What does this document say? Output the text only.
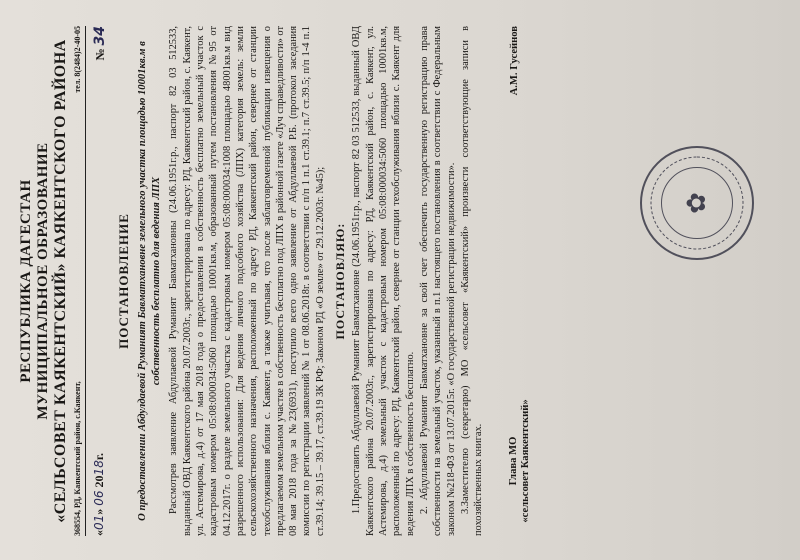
РЕСПУБЛИКА ДАГЕСТАН МУНИЦИПАЛЬНОЕ ОБРАЗОВАНИЕ «СЕЛЬСОВЕТ КАЯКЕНТСКИЙ» КАЯКЕНТСКОГО РАЙОНА 368554, РД, Каякентский район, с.Каякент,
тел. 8(2484)2-40-05
«01» 06 2018г.
№ 34
ПОСТАНОВЛЕНИЕ О предоставлении Абдулдаевой Руманият Бавматхановне земельного участка площадью 10001кв.м в собственность бесплатно для ведения ЛПХ Рассмотрев заявление Абдуллаевой Руманият Бавматхановны (24.06.1951г.р., паспорт 82 03 512533, выданный ОВД Каякентского района 20.07.2003г., зарегистрирована по адресу: РД, Каякентский район, с. Каякент, ул. Астемирова, д.4) от 17 мая 2018 года о предоставлении в собственность бесплатно земельный участок с кадастровым номером 05:08:000034:5060 площадью 10001кв.м, образованный путем постановления №95 от 04.12.2017г. о разделе земельного участка с кадастровым номером 05:08:000034:1008 площадью 48001кв.м вид разрешенного использования: Для ведения личного подсобного хозяйства (ЛПХ) категория земель: земли сельскохозяйственного назначения, расположенный по адресу РД, Каякентский район, севернее от станции техобслуживания вблизи с. Каякент, а также учитывая, что после заблаговременной публикации извещения о предлагаемом земельном участке в собственность бесплатно под ЛПХ в районной газете «Луч справедливости» от 08 мая 2018 года за №23(6931), поступило всего одно заявление от Абдуллаевой Р.Б. (протокол заседания комиссии по регистрации заявлений № 1 от 08.06.2018г. в соответствии с п/п 1 п.1 ст.39.1; п.7 ст.39.5; п/п 1-4 п.1 ст.39.14; 39.15 – 39.17, ст.39.19 ЗК РФ; Законом РД «О земле» от 29.12.2003г. №45); ПОСТАНОВЛЯЮ: 1.Предоставить Абдуллаевой Руманият Бавматхановне (24.06.1951г.р., паспорт 82 03 512533, выданный ОВД Каякентского района 20.07.2003г., зарегистрирована по адресу: РД, Каякентский район, с. Каякент, ул. Астемирова, д.4) земельный участок с кадастровым номером 05:08:000034:5060 площадью 10001кв.м, расположенный по адресу: РД, Каякентский район, севернее от станции техобслуживания вблизи с. Каякент для ведения ЛПХ в собственность бесплатно. 2. Абдуллаевой Руманият Бавматхановне за свой счет обеспечить государственную регистрацию права собственности на земельный участок, указанный в п.1 настоящего постановления в соответствии с Федеральным законом №218-ФЗ от 13.07.2015г. «О государственной регистрации недвижимости». 3.Заместителю (секретарю) МО «сельсовет «Каякентский» произвести соответствующие записи в похозяйственных книгах. Глава МО «сельсовет Каякентский»
А.М. Гусейнов
✿
